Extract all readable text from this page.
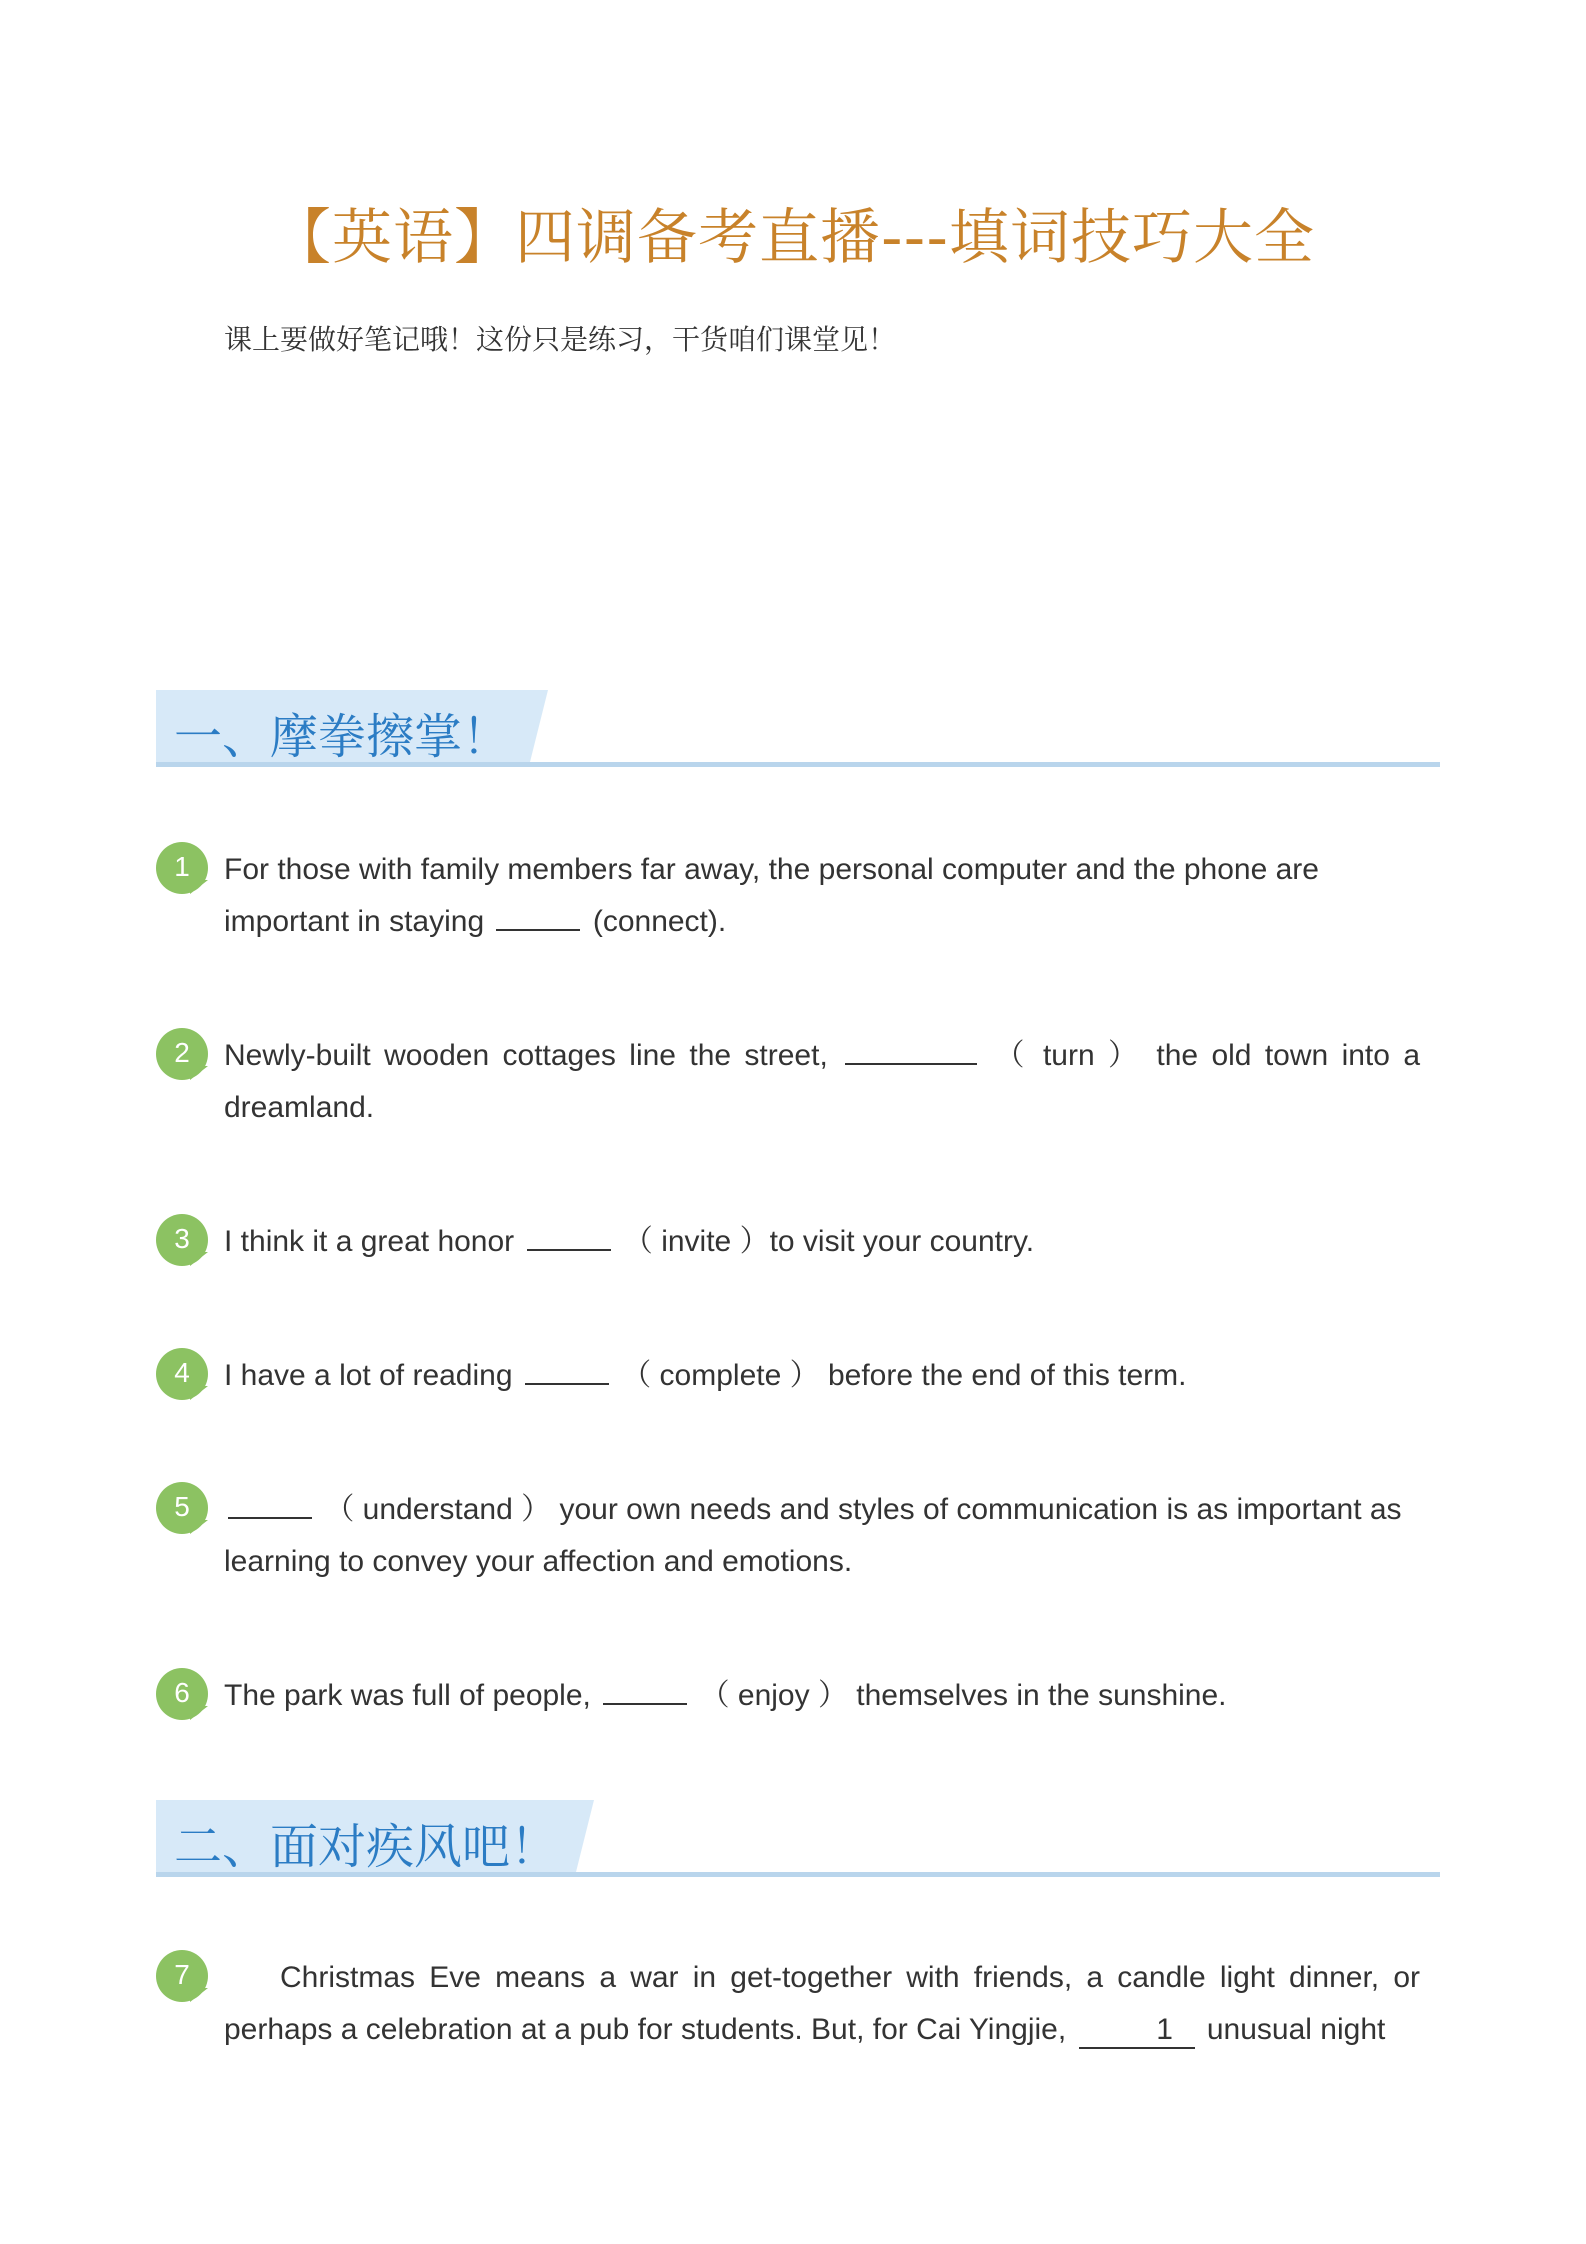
【英语】四调备考直播---填词技巧大全
课上要做好笔记哦！这份只是练习，干货咱们课堂见！
一、摩拳擦掌！
1	For those with family members far away, the personal computer and the phone are important in staying	(connect).
2	Newly-built wooden cottages line the street,	（ turn ） the old town into a dreamland.
3	I think it a great honor	（ invite ）to visit your country.
4	I have a lot of reading	（ complete ） before the end of this term.
5	（ understand ） your own needs and styles of communication is as important as learning to convey your affection and emotions.
6	The park was full of people,	（ enjoy ） themselves in the sunshine.
二、面对疾风吧！
7	Christmas Eve means a war in get-together with friends, a candle light dinner, or perhaps a celebration at a pub for students. But, for Cai Yingjie,	1 unusual night
